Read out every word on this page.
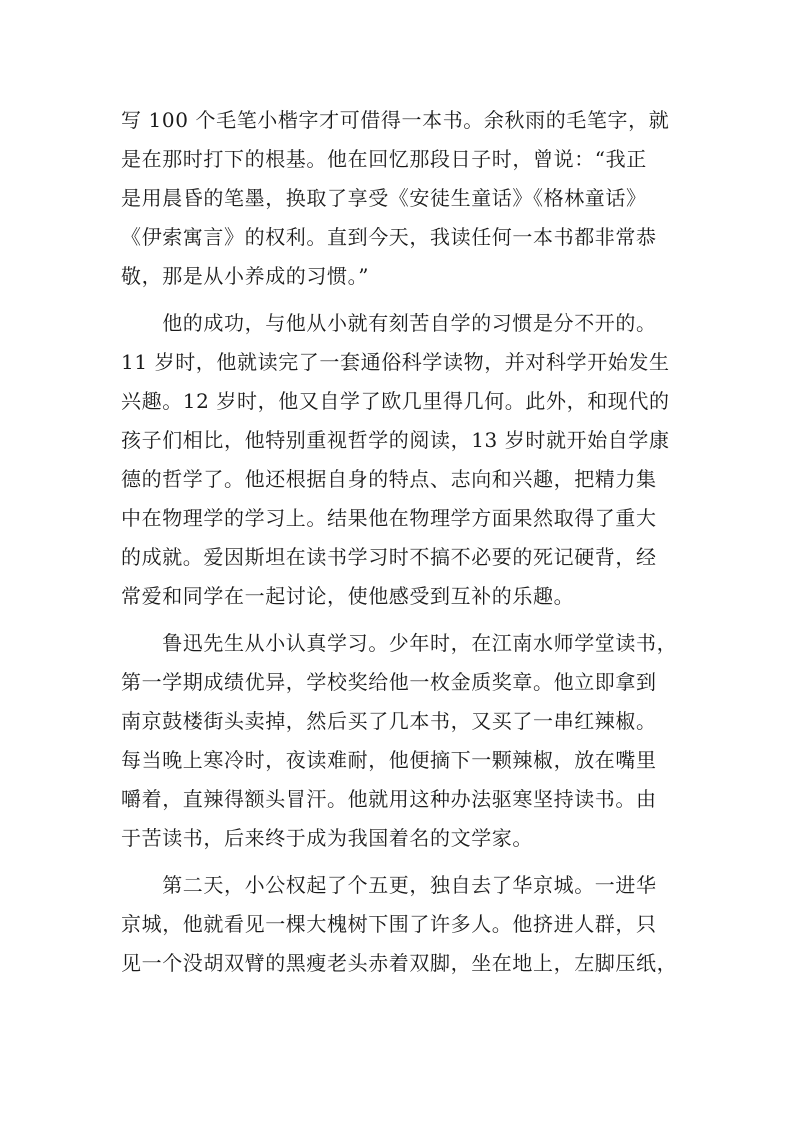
写 100 个毛笔小楷字才可借得一本书。余秋雨的毛笔字，就
是在那时打下的根基。他在回忆那段日子时，曾说：“我正
是用晨昏的笔墨，换取了享受《安徒生童话》《格林童话》
《伊索寓言》的权利。直到今天，我读任何一本书都非常恭
敬，那是从小养成的习惯。”
　　他的成功，与他从小就有刻苦自学的习惯是分不开的。
11 岁时，他就读完了一套通俗科学读物，并对科学开始发生
兴趣。12 岁时，他又自学了欧几里得几何。此外，和现代的
孩子们相比，他特别重视哲学的阅读，13 岁时就开始自学康
德的哲学了。他还根据自身的特点、志向和兴趣，把精力集
中在物理学的学习上。结果他在物理学方面果然取得了重大
的成就。爱因斯坦在读书学习时不搞不必要的死记硬背，经
常爱和同学在一起讨论，使他感受到互补的乐趣。
　　鲁迅先生从小认真学习。少年时，在江南水师学堂读书，
第一学期成绩优异，学校奖给他一枚金质奖章。他立即拿到
南京鼓楼街头卖掉，然后买了几本书，又买了一串红辣椒。
每当晚上寒冷时，夜读难耐，他便摘下一颗辣椒，放在嘴里
嚼着，直辣得额头冒汗。他就用这种办法驱寒坚持读书。由
于苦读书，后来终于成为我国着名的文学家。
　　第二天，小公权起了个五更，独自去了华京城。一进华
京城，他就看见一棵大槐树下围了许多人。他挤进人群，只
见一个没胡双臂的黑瘦老头赤着双脚，坐在地上，左脚压纸，
